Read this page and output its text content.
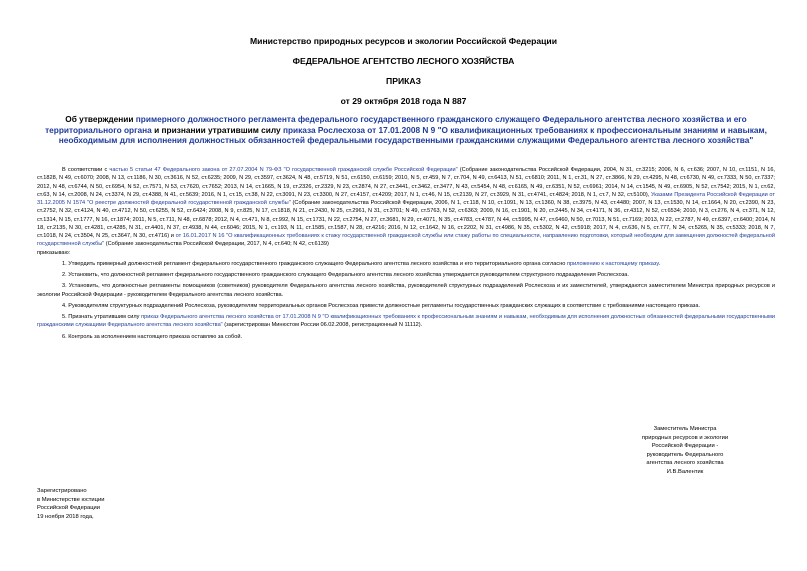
Министерство природных ресурсов и экологии Российской Федерации
ФЕДЕРАЛЬНОЕ АГЕНТСТВО ЛЕСНОГО ХОЗЯЙСТВА
ПРИКАЗ
от 29 октября 2018 года N 887
Об утверждении примерного должностного регламента федерального государственного гражданского служащего Федерального агентства лесного хозяйства и его территориального органа и признании утратившим силу приказа Рослесхоза от 17.01.2008 N 9 "О квалификационных требованиях к профессиональным знаниям и навыкам, необходимым для исполнения должностных обязанностей федеральными государственными гражданскими служащими Федерального агентства лесного хозяйства"

В соответствии с частью 5 статьи 47 Федерального закона от 27.07.2004 N 79-ФЗ "О государственной гражданской службе Российской Федерации" (Собрание законодательства Российской Федерации, 2004, N 31, ст.3215; 2006, N 6, ст.636; 2007, N 10, ст.1151, N 16, ст.1828, N 49, ст.6070; 2008, N 13, ст.1186, N 30, ст.3616, N 52, ст.6235; 2009, N 29, ст.3597, ст.3624, N 48, ст.5719, N 51, ст.6150, ст.6159; 2010, N 5, ст.459, N 7, ст.704, N 49, ст.6413, N 51, ст.6810; 2011, N 1, ст.31, N 27, ст.3866, N 29, ст.4295, N 48, ст.6730, N 49, ст.7333, N 50, ст.7337; 2012, N 48, ст.6744, N 50, ст.6954, N 52, ст.7571, N 53, ст.7620, ст.7652; 2013, N 14, ст.1665, N 19, ст.2326, ст.2329, N 23, ст.2874, N 27, ст.3441, ст.3462, ст.3477, N 43, ст.5454, N 48, ст.6165, N 49, ст.6351, N 52, ст.6961; 2014, N 14, ст.1545, N 49, ст.6905, N 52, ст.7542; 2015, N 1, ст.62, ст.63, N 14, ст.2008, N 24, ст.3374, N 29, ст.4388, N 41, ст.5639; 2016, N 1, ст.15, ст.38, N 22, ст.3091, N 23, ст.3300, N 27, ст.4157, ст.4209; 2017, N 1, ст.46, N 15, ст.2139, N 27, ст.3929, N 31, ст.4741, ст.4824; 2018, N 1, ст.7, N 32, ст.5100), Указами Президента Российской Федерации от 31.12.2005 N 1574 "О реестре должностей федеральной государственной гражданской службы" (Собрание законодательства Российской Федерации, 2006, N 1, ст.118, N 10, ст.1091, N 13, ст.1360, N 38, ст.3975, N 43, ст.4480; 2007, N 13, ст.1530, N 14, ст.1664, N 20, ст.2390, N 23, ст.2752, N 32, ст.4124, N 40, ст.4712, N 50, ст.6255, N 52, ст.6424; 2008, N 9, ст.825, N 17, ст.1818, N 21, ст.2430, N 25, ст.2961, N 31, ст.3701; N 49, ст.5763, N 52, ст.6363; 2009, N 16, ст.1901, N 20, ст.2445, N 34, ст.4171, N 36, ст.4312, N 52, ст.6534; 2010, N 3, ст.276, N 4, ст.371, N 12, ст.1314, N 15, ст.1777, N 16, ст.1874; 2011, N 5, ст.711, N 48, ст.6878; 2012, N 4, ст.471, N 8, ст.992, N 15, ст.1731, N 22, ст.2754, N 27, ст.3681, N 29, ст.4071, N 35, ст.4783, ст.4787, N 44, ст.5995, N 47, ст.6460, N 50, ст.7013, N 51, ст.7169; 2013, N 22, ст.2787, N 49, ст.6397, ст.6400; 2014, N 18, ст.2135, N 30, ст.4281, ст.4285, N 31, ст.4401, N 37, ст.4938, N 44, ст.6046; 2015, N 1, ст.193, N 11, ст.1585, ст.1587, N 28, ст.4216; 2016, N 12, ст.1642, N 16, ст.2202, N 31, ст.4986, N 35, ст.5302, N 42, ст.5918; 2017, N 4, ст.636, N 5, ст.777, N 34, ст.5265, N 35, ст.5333; 2018, N 7, ст.1018, N 24, ст.3504, N 25, ст.3647, N 30, ст.4716) и от 16.01.2017 N 16 "О квалификационных требованиях к стажу государственной гражданской службы или стажу работы по специальности, направлению подготовки, который необходим для замещения должностей федеральной государственной службы" (Собрание законодательства Российской Федерации, 2017, N 4, ст.640; N 42, ст.6139)

приказываю:

1. Утвердить примерный должностной регламент федерального государственного гражданского служащего Федерального агентства лесного хозяйства и его территориального органа согласно приложению к настоящему приказу.

2. Установить, что должностной регламент федерального государственного гражданского служащего Федерального агентства лесного хозяйства утверждается руководителем структурного подразделения Рослесхоза.

3. Установить, что должностные регламенты помощников (советников) руководителя Федерального агентства лесного хозяйства, руководителей структурных подразделений Рослесхоза и их заместителей, утверждаются заместителем Министра природных ресурсов и экологии Российской Федерации - руководителем Федерального агентства лесного хозяйства.

4. Руководителям структурных подразделений Рослесхоза, руководителям территориальных органов Рослесхоза привести должностные регламенты государственных гражданских служащих в соответствие с требованиями настоящего приказа.

5. Признать утратившим силу приказ Федерального агентства лесного хозяйства от 17.01.2008 N 9 "О квалификационных требованиях к профессиональным знаниям и навыкам, необходимым для исполнения должностных обязанностей федеральными государственными гражданскими служащими Федерального агентства лесного хозяйства" (зарегистрирован Минюстом России 06.02.2008, регистрационный N 11112).

6. Контроль за исполнением настоящего приказа оставляю за собой.

Заместитель Министра
природных ресурсов и экологии
Российской Федерации -
руководитель Федерального
агентства лесного хозяйства
И.В.Валентик
Зарегистрировано
в Министерстве юстиции
Российской Федерации
19 ноября 2018 года,
